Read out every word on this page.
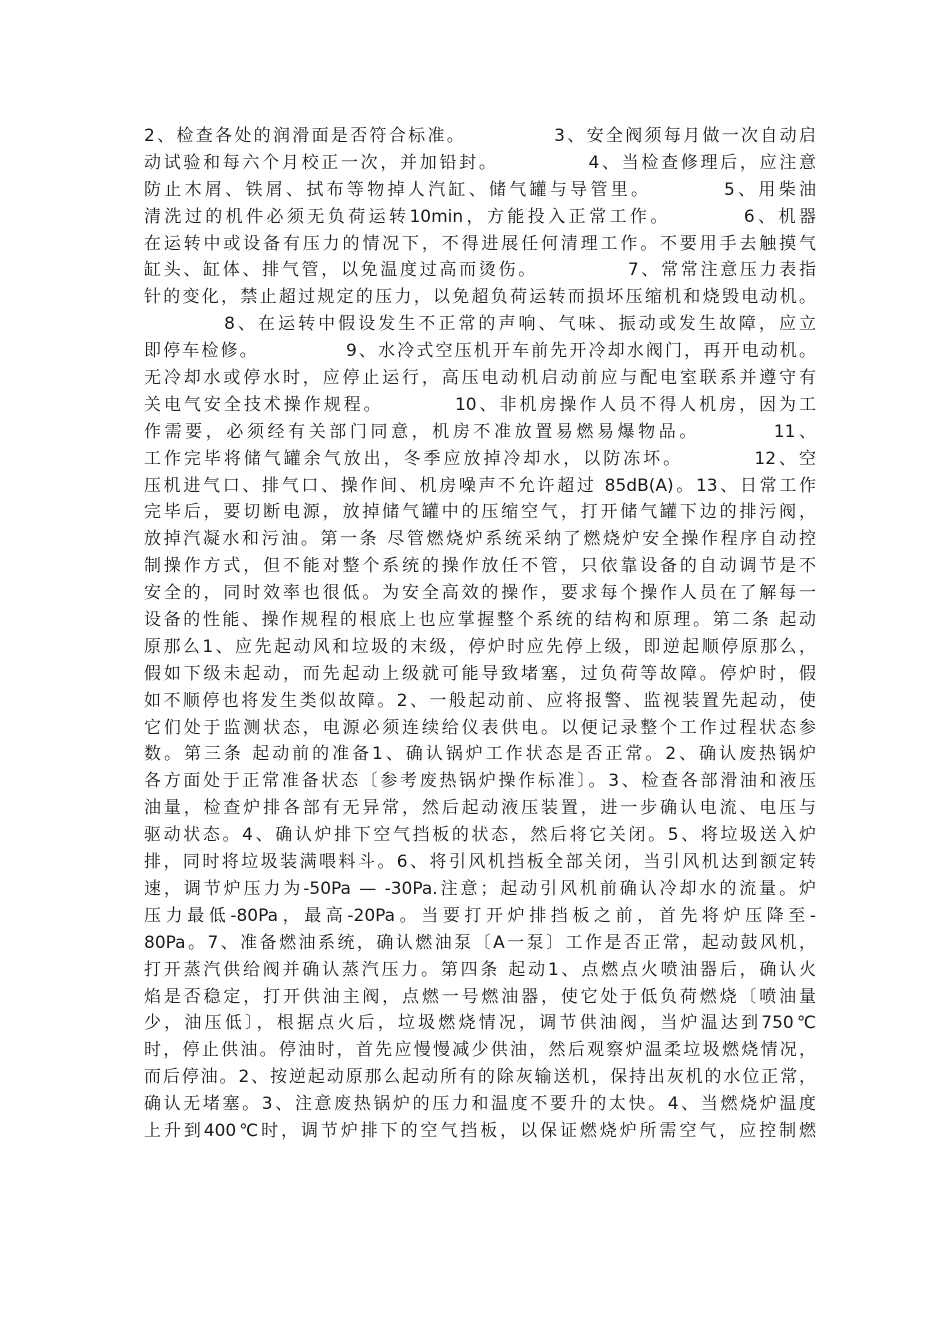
2、检查各处的润滑面是否符合标准。　　　　　3、安全阀须每月做一次自动启
动试验和每六个月校正一次，并加铅封。　　　　　4、当检查修理后，应注意
防止木屑、铁屑、拭布等物掉人汽缸、储气罐与导管里。　　　　5、用柴油
清洗过的机件必须无负荷运转10min，方能投入正常工作。　　　　6、机器
在运转中或设备有压力的情况下，不得进展任何清理工作。不要用手去触摸气
缸头、缸体、排气管，以免温度过高而烫伤。　　　　　7、常常注意压力表指
针的变化，禁止超过规定的压力，以免超负荷运转而损坏压缩机和烧毁电动机。
　　　　8、在运转中假设发生不正常的声响、气味、振动或发生故障，应立
即停车检修。　　　　　9、水冷式空压机开车前先开冷却水阀门，再开电动机。
无冷却水或停水时，应停止运行，高压电动机启动前应与配电室联系并遵守有
关电气安全技术操作规程。　　　　10、非机房操作人员不得人机房，因为工
作需要，必须经有关部门同意，机房不准放置易燃易爆物品。　　　　11、
工作完毕将储气罐余气放出，冬季应放掉冷却水，以防冻坏。　　　　12、空
压机进气口、排气口、操作间、机房噪声不允许超过 85dB(A)。13、日常工作
完毕后，要切断电源，放掉储气罐中的压缩空气，打开储气罐下边的排污阀，
放掉汽凝水和污油。第一条 尽管燃烧炉系统采纳了燃烧炉安全操作程序自动控
制操作方式，但不能对整个系统的操作放任不管，只依靠设备的自动调节是不
安全的，同时效率也很低。为安全高效的操作，要求每个操作人员在了解每一
设备的性能、操作规程的根底上也应掌握整个系统的结构和原理。第二条 起动
原那么1、应先起动风和垃圾的末级，停炉时应先停上级，即逆起顺停原那么，
假如下级未起动，而先起动上级就可能导致堵塞，过负荷等故障。停炉时，假
如不顺停也将发生类似故障。2、一般起动前、应将报警、监视装置先起动，使
它们处于监测状态，电源必须连续给仪表供电。以便记录整个工作过程状态参
数。第三条 起动前的准备1、确认锅炉工作状态是否正常。2、确认废热锅炉
各方面处于正常准备状态〔参考废热锅炉操作标准〕。3、检查各部滑油和液压
油量，检查炉排各部有无异常，然后起动液压装置，进一步确认电流、电压与
驱动状态。4、确认炉排下空气挡板的状态，然后将它关闭。5、将垃圾送入炉
排，同时将垃圾装满喂料斗。6、将引风机挡板全部关闭，当引风机达到额定转
速，调节炉压力为-50Pa — -30Pa.注意；起动引风机前确认冷却水的流量。炉
压力最低-80Pa，最高-20Pa。当要打开炉排挡板之前，首先将炉压降至-
80Pa。7、准备燃油系统，确认燃油泵〔A一泵〕工作是否正常，起动鼓风机，
打开蒸汽供给阀并确认蒸汽压力。第四条 起动1、点燃点火喷油器后，确认火
焰是否稳定，打开供油主阀，点燃一号燃油器，使它处于低负荷燃烧〔喷油量
少，油压低〕，根据点火后，垃圾燃烧情况，调节供油阀，当炉温达到750℃
时，停止供油。停油时，首先应慢慢减少供油，然后观察炉温柔垃圾燃烧情况，
而后停油。2、按逆起动原那么起动所有的除灰输送机，保持出灰机的水位正常，
确认无堵塞。3、注意废热锅炉的压力和温度不要升的太快。4、当燃烧炉温度
上升到400℃时，调节炉排下的空气挡板，以保证燃烧炉所需空气，应控制燃
